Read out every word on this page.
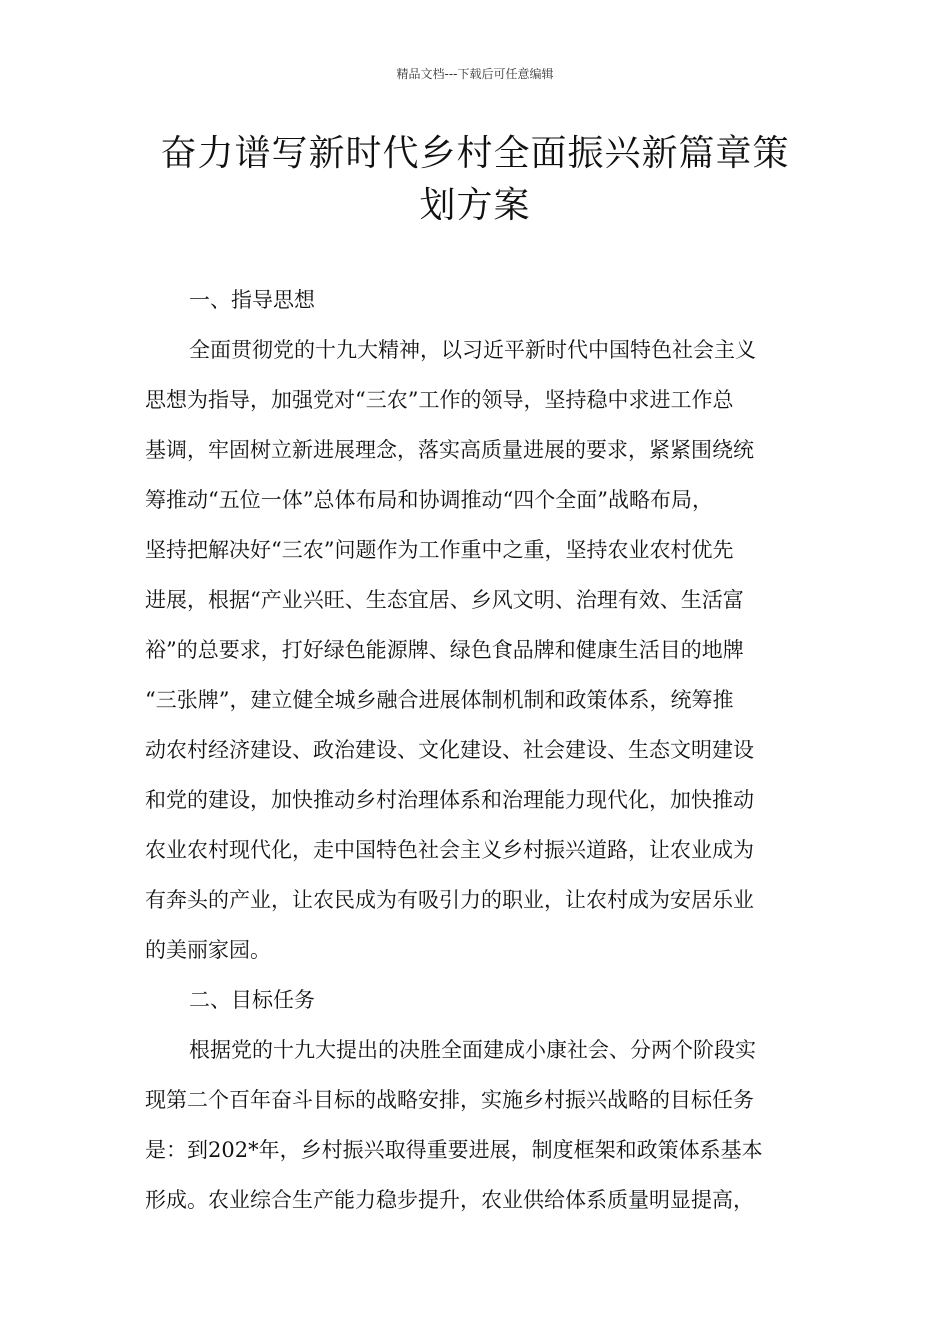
精品文档---下载后可任意编辑
奋力谱写新时代乡村全面振兴新篇章策
划方案
一、指导思想
全面贯彻党的十九大精神，以习近平新时代中国特色社会主义
思想为指导，加强党对“三农”工作的领导，坚持稳中求进工作总
基调，牢固树立新进展理念，落实高质量进展的要求，紧紧围绕统
筹推动“五位一体”总体布局和协调推动“四个全面”战略布局，
坚持把解决好“三农”问题作为工作重中之重，坚持农业农村优先
进展，根据“产业兴旺、生态宜居、乡风文明、治理有效、生活富
裕”的总要求，打好绿色能源牌、绿色食品牌和健康生活目的地牌
“三张牌”，建立健全城乡融合进展体制机制和政策体系，统筹推
动农村经济建设、政治建设、文化建设、社会建设、生态文明建设
和党的建设，加快推动乡村治理体系和治理能力现代化，加快推动
农业农村现代化，走中国特色社会主义乡村振兴道路，让农业成为
有奔头的产业，让农民成为有吸引力的职业，让农村成为安居乐业
的美丽家园。
二、目标任务
根据党的十九大提出的决胜全面建成小康社会、分两个阶段实
现第二个百年奋斗目标的战略安排，实施乡村振兴战略的目标任务
是：到202*年，乡村振兴取得重要进展，制度框架和政策体系基本
形成。农业综合生产能力稳步提升，农业供给体系质量明显提高，
